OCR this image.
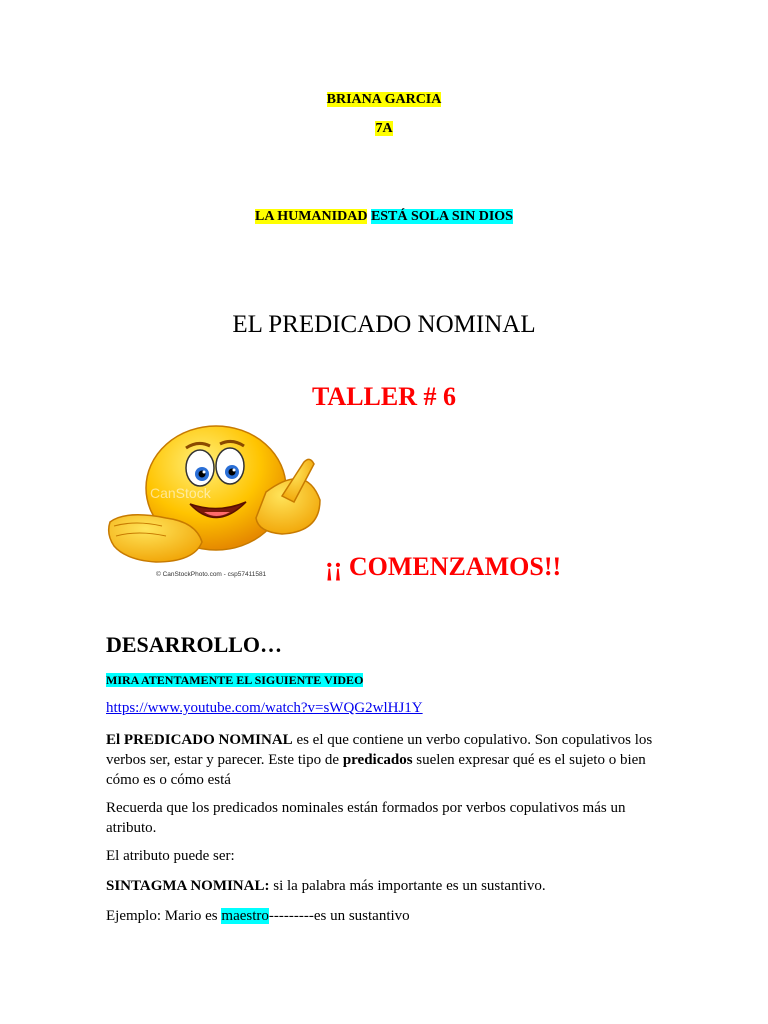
BRIANA GARCIA
7A
LA HUMANIDAD ESTÁ SOLA SIN DIOS
EL PREDICADO NOMINAL
TALLER # 6
CanStock
© CanStockPhoto.com - csp57411581 ¡¡ COMENZAMOS!!
DESARROLLO…
MIRA ATENTAMENTE EL SIGUIENTE VIDEO
https://www.youtube.com/watch?v=sWQG2wlHJ1Y
El PREDICADO NOMINAL es el que contiene un verbo copulativo. Son copulativos los verbos ser, estar y parecer. Este tipo de predicados suelen expresar qué es el sujeto o bien cómo es o cómo está
Recuerda que los predicados nominales están formados por verbos copulativos más un atributo.
El atributo puede ser:
SINTAGMA NOMINAL: si la palabra más importante es un sustantivo.
Ejemplo: Mario es maestro---------es un sustantivo
